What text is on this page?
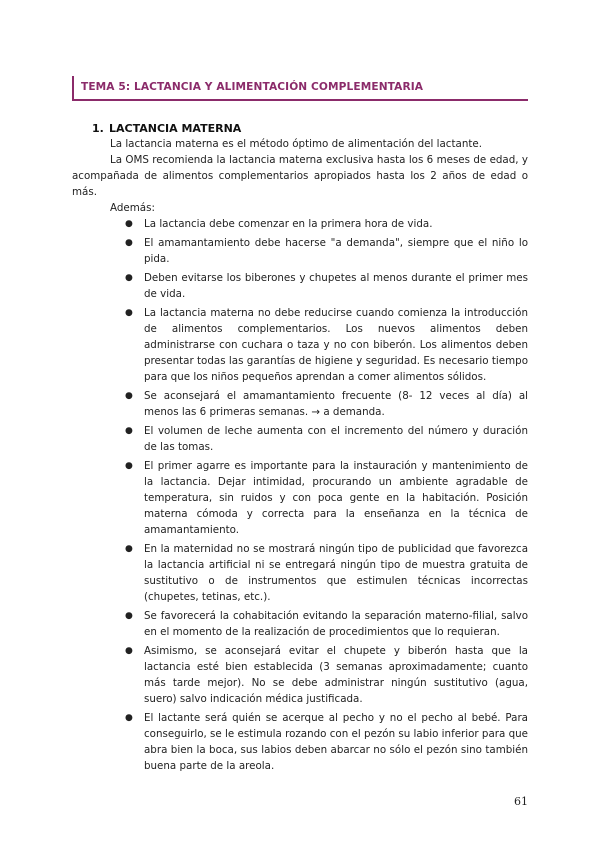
TEMA 5: LACTANCIA Y ALIMENTACIÓN COMPLEMENTARIA
1. LACTANCIA MATERNA

La lactancia materna es el método óptimo de alimentación del lactante.

La OMS recomienda la lactancia materna exclusiva hasta los 6 meses de edad, y acompañada de alimentos complementarios apropiados hasta los 2 años de edad o más.

Además:

● La lactancia debe comenzar en la primera hora de vida.
● El amamantamiento debe hacerse "a demanda", siempre que el niño lo pida.
● Deben evitarse los biberones y chupetes al menos durante el primer mes de vida.
● La lactancia materna no debe reducirse cuando comienza la introducción de alimentos complementarios. Los nuevos alimentos deben administrarse con cuchara o taza y no con biberón. Los alimentos deben presentar todas las garantías de higiene y seguridad. Es necesario tiempo para que los niños pequeños aprendan a comer alimentos sólidos.
● Se aconsejará el amamantamiento frecuente (8- 12 veces al día) al menos las 6 primeras semanas. → a demanda.
● El volumen de leche aumenta con el incremento del número y duración de las tomas.
● El primer agarre es importante para la instauración y mantenimiento de la lactancia. Dejar intimidad, procurando un ambiente agradable de temperatura, sin ruidos y con poca gente en la habitación. Posición materna cómoda y correcta para la enseñanza en la técnica de amamantamiento.
● En la maternidad no se mostrará ningún tipo de publicidad que favorezca la lactancia artificial ni se entregará ningún tipo de muestra gratuita de sustitutivo o de instrumentos que estimulen técnicas incorrectas (chupetes, tetinas, etc.).
● Se favorecerá la cohabitación evitando la separación materno-filial, salvo en el momento de la realización de procedimientos que lo requieran.
● Asimismo, se aconsejará evitar el chupete y biberón hasta que la lactancia esté bien establecida (3 semanas aproximadamente; cuanto más tarde mejor). No se debe administrar ningún sustitutivo (agua, suero) salvo indicación médica justificada.
● El lactante será quién se acerque al pecho y no el pecho al bebé. Para conseguirlo, se le estimula rozando con el pezón su labio inferior para que abra bien la boca, sus labios deben abarcar no sólo el pezón sino también buena parte de la areola.
61
